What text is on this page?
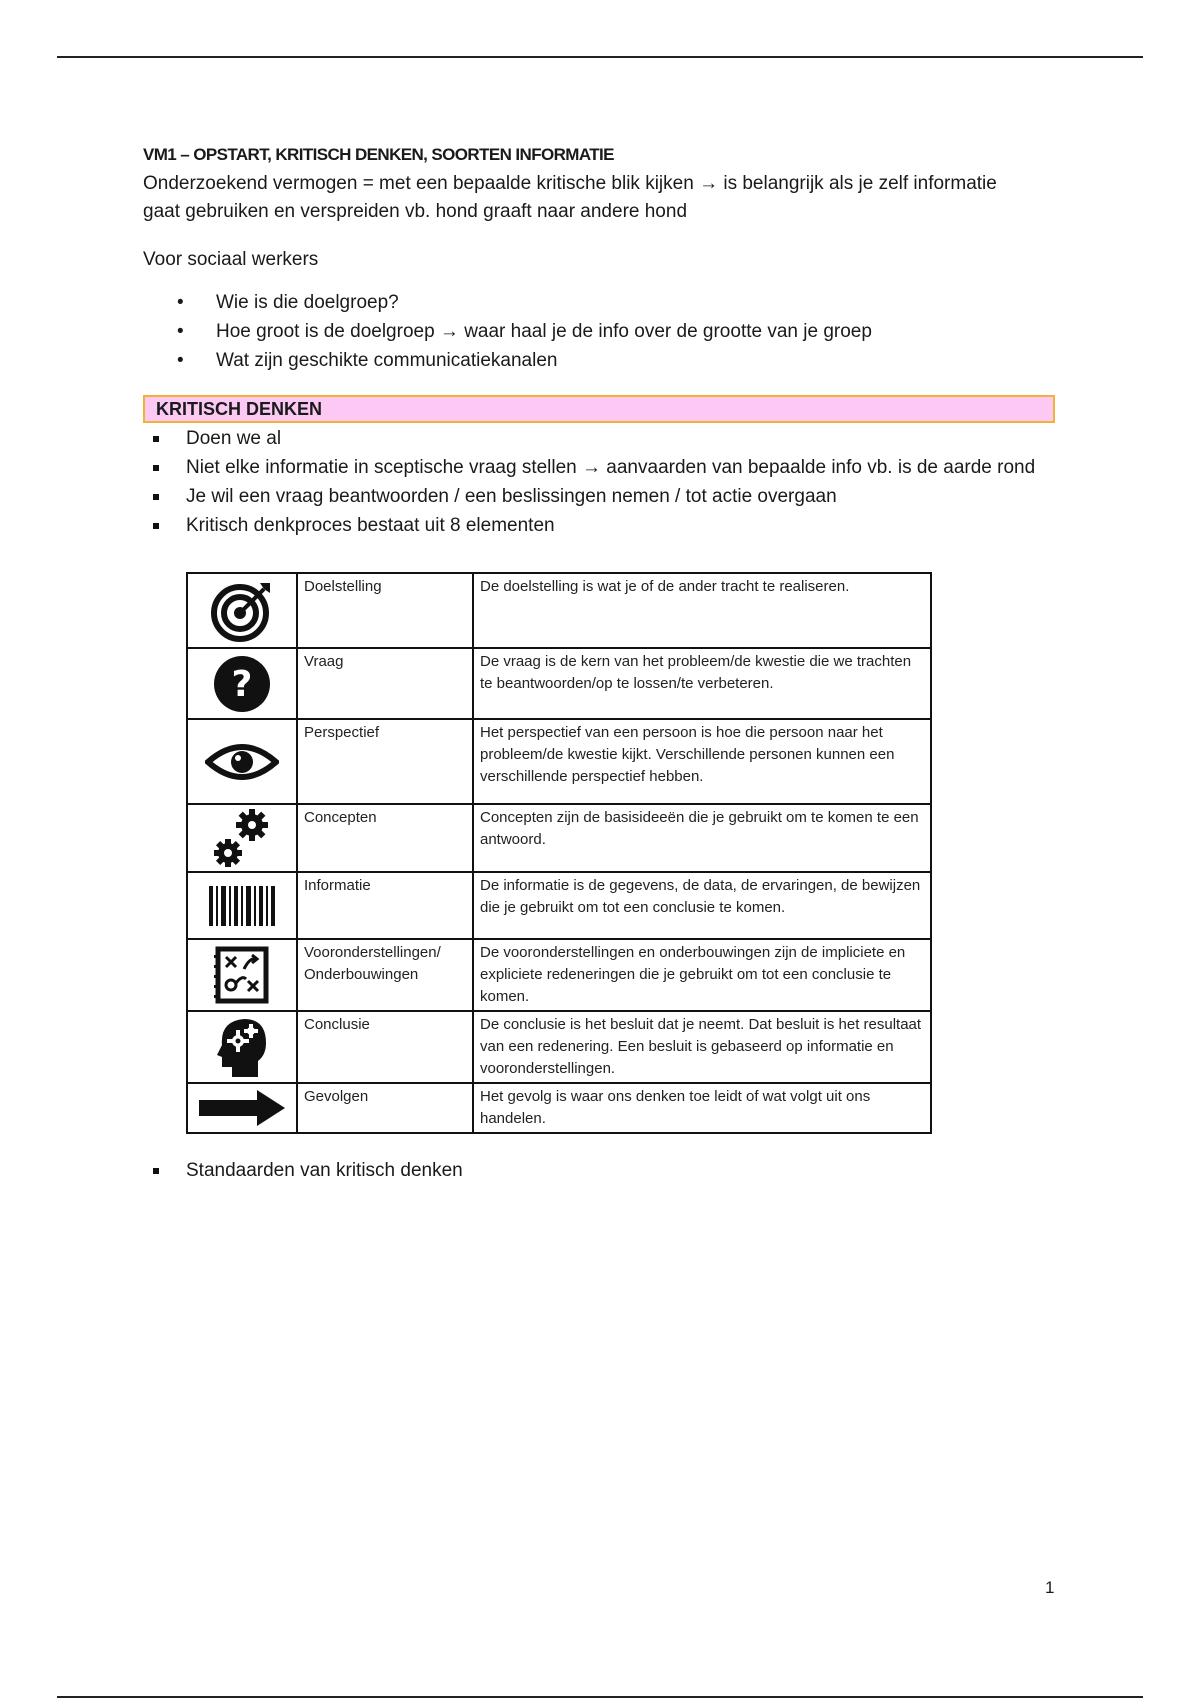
VM1 – OPSTART, KRITISCH DENKEN, SOORTEN INFORMATIE

Onderzoekend vermogen = met een bepaalde kritische blik kijken → is belangrijk als je zelf informatie gaat gebruiken en verspreiden vb. hond graaft naar andere hond

Voor sociaal werkers

• Wie is die doelgroep?
• Hoe groot is de doelgroep → waar haal je de info over de grootte van je groep
• Wat zijn geschikte communicatiekanalen
KRITISCH DENKEN
Doen we al
Niet elke informatie in sceptische vraag stellen → aanvaarden van bepaalde info vb. is de aarde rond
Je wil een vraag beantwoorden / een beslissingen nemen / tot actie overgaan
Kritisch denkproces bestaat uit 8 elementen
	Doelstelling	De doelstelling is wat je of de ander tracht te realiseren.

?	Vraag	De vraag is de kern van het probleem/de kwestie die we trachten te beantwoorden/op te lossen/te verbeteren.

	Perspectief	Het perspectief van een persoon is hoe die persoon naar het probleem/de kwestie kijkt. Verschillende personen kunnen een verschillende perspectief hebben.

	Concepten	Concepten zijn de basisideeën die je gebruikt om te komen te een antwoord.

	Informatie	De informatie is de gegevens, de data, de ervaringen, de bewijzen die je gebruikt om tot een conclusie te komen.

	Vooronderstellingen/ Onderbouwingen	De vooronderstellingen en onderbouwingen zijn de impliciete en expliciete redeneringen die je gebruikt om tot een conclusie te komen.

	Conclusie	De conclusie is het besluit dat je neemt. Dat besluit is het resultaat van een redenering. Een besluit is gebaseerd op informatie en vooronderstellingen.

	Gevolgen	Het gevolg is waar ons denken toe leidt of wat volgt uit ons handelen.
Standaarden van kritisch denken
1
